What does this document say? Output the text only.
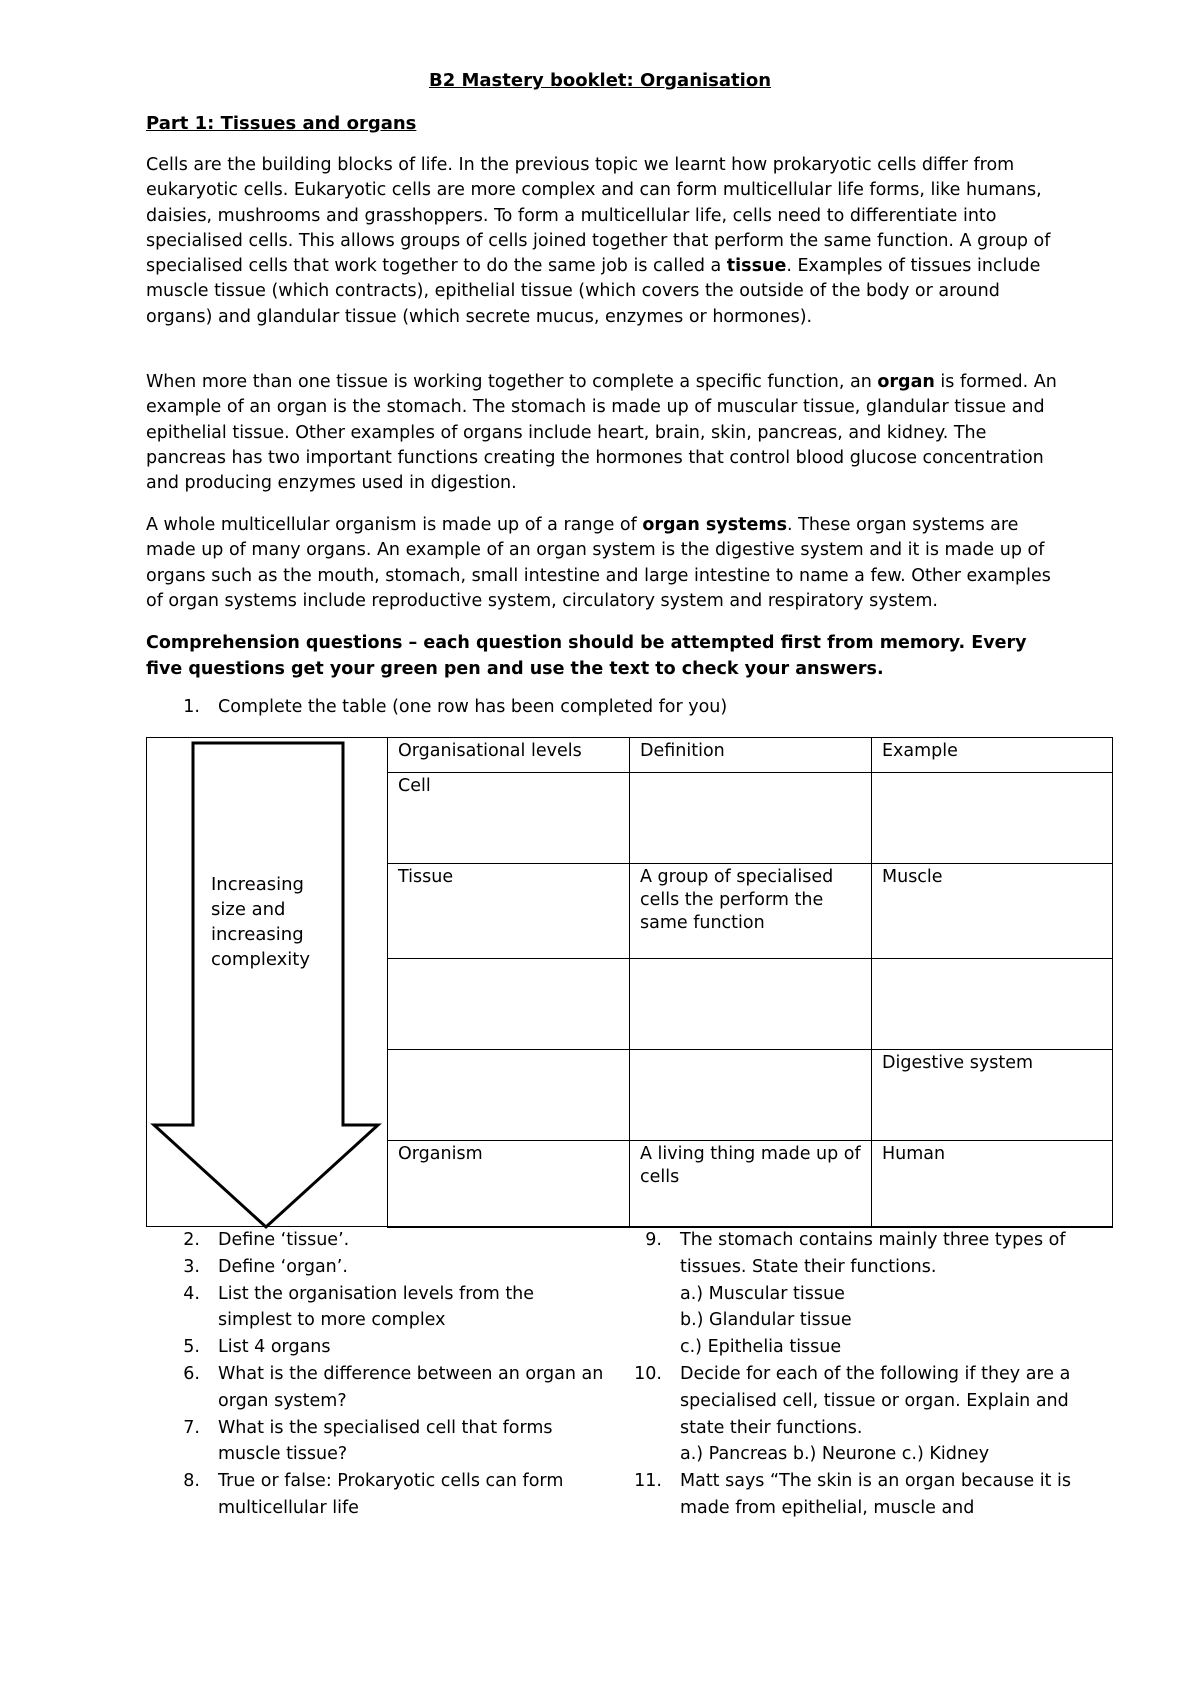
B2 Mastery booklet: Organisation
Part 1: Tissues and organs

Cells are the building blocks of life. In the previous topic we learnt how prokaryotic cells differ from eukaryotic cells. Eukaryotic cells are more complex and can form multicellular life forms, like humans, daisies, mushrooms and grasshoppers. To form a multicellular life, cells need to differentiate into specialised cells. This allows groups of cells joined together that perform the same function. A group of specialised cells that work together to do the same job is called a tissue. Examples of tissues include muscle tissue (which contracts), epithelial tissue (which covers the outside of the body or around organs) and glandular tissue (which secrete mucus, enzymes or hormones).

When more than one tissue is working together to complete a specific function, an organ is formed. An example of an organ is the stomach. The stomach is made up of muscular tissue, glandular tissue and epithelial tissue. Other examples of organs include heart, brain, skin, pancreas, and kidney. The pancreas has two important functions creating the hormones that control blood glucose concentration and producing enzymes used in digestion.

A whole multicellular organism is made up of a range of organ systems. These organ systems are made up of many organs. An example of an organ system is the digestive system and it is made up of organs such as the mouth, stomach, small intestine and large intestine to name a few. Other examples of organ systems include reproductive system, circulatory system and respiratory system.

Comprehension questions – each question should be attempted first from memory. Every five questions get your green pen and use the text to check your answers.

1. Complete the table (one row has been completed for you)
Increasing size and increasing complexity
Organisational levels	Definition	Example
Cell		
Tissue	A group of specialised cells the perform the same function	Muscle

		Digestive system
Organism	A living thing made up of cells	Human
2.	Define ‘tissue’.
3.	Define ‘organ’.
4.	List the organisation levels from the simplest to more complex
5.	List 4 organs
6.	What is the difference between an organ an organ system?
7.	What is the specialised cell that forms muscle tissue?
8.	True or false: Prokaryotic cells can form multicellular life
9.	The stomach contains mainly three types of tissues. State their functions.
a.) Muscular tissue
b.) Glandular tissue
c.) Epithelia tissue
10.	Decide for each of the following if they are a specialised cell, tissue or organ. Explain and state their functions.
a.) Pancreas b.) Neurone c.) Kidney
11.	Matt says “The skin is an organ because it is made from epithelial, muscle and
